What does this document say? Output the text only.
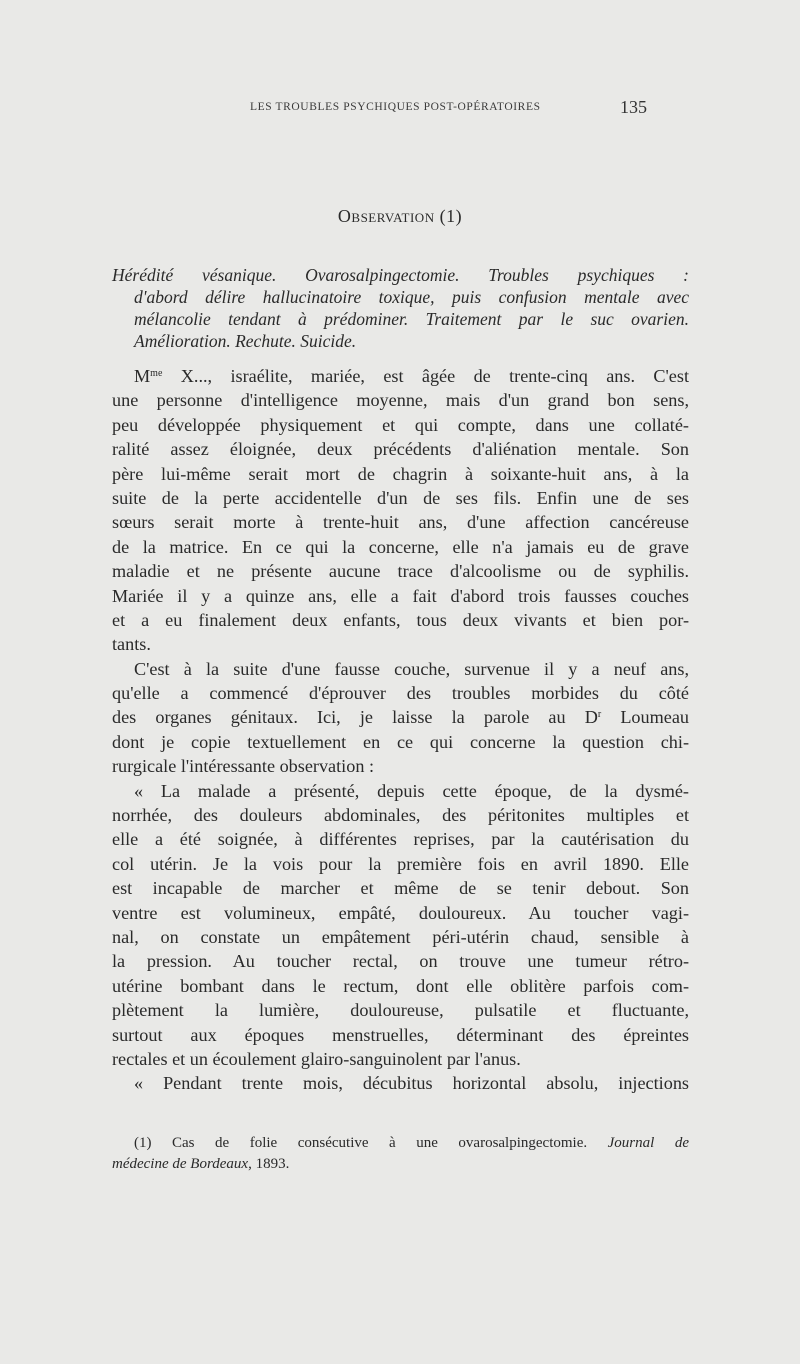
LES TROUBLES PSYCHIQUES POST-OPÉRATOIRES	135
Observation (1)
Hérédité vésanique. Ovarosalpingectomie. Troubles psychiques :
d'abord délire hallucinatoire toxique, puis confusion mentale avec
mélancolie tendant à prédominer. Traitement par le suc ovarien.
Amélioration. Rechute. Suicide.
$M^{me}$ X..., israélite, mariée, est âgée de trente-cinq ans. C'est
une personne d'intelligence moyenne, mais d'un grand bon sens,
peu développée physiquement et qui compte, dans une collaté-
ralité assez éloignée, deux précédents d'aliénation mentale. Son
père lui-même serait mort de chagrin à soixante-huit ans, à la
suite de la perte accidentelle d'un de ses fils. Enfin une de ses
sœurs serait morte à trente-huit ans, d'une affection cancéreuse
de la matrice. En ce qui la concerne, elle n'a jamais eu de grave
maladie et ne présente aucune trace d'alcoolisme ou de syphilis.
Mariée il y a quinze ans, elle a fait d'abord trois fausses couches
et a eu finalement deux enfants, tous deux vivants et bien por-
tants.
C'est à la suite d'une fausse couche, survenue il y a neuf ans,
qu'elle a commencé d'éprouver des troubles morbides du côté
des organes génitaux. Ici, je laisse la parole au $D^r$ Loumeau
dont je copie textuellement en ce qui concerne la question chi-
rurgicale l'intéressante observation :
« La malade a présenté, depuis cette époque, de la dysmé-
norrhée, des douleurs abdominales, des péritonites multiples et
elle a été soignée, à différentes reprises, par la cautérisation du
col utérin. Je la vois pour la première fois en avril 1890. Elle
est incapable de marcher et même de se tenir debout. Son
ventre est volumineux, empâté, douloureux. Au toucher vagi-
nal, on constate un empâtement péri-utérin chaud, sensible à
la pression. Au toucher rectal, on trouve une tumeur rétro-
utérine bombant dans le rectum, dont elle oblitère parfois com-
plètement la lumière, douloureuse, pulsatile et fluctuante,
surtout aux époques menstruelles, déterminant des épreintes
rectales et un écoulement glairo-sanguinolent par l'anus.
« Pendant trente mois, décubitus horizontal absolu, injections
(1) Cas de folie consécutive à une ovarosalpingectomie. Journal de
médecine de Bordeaux, 1893.
